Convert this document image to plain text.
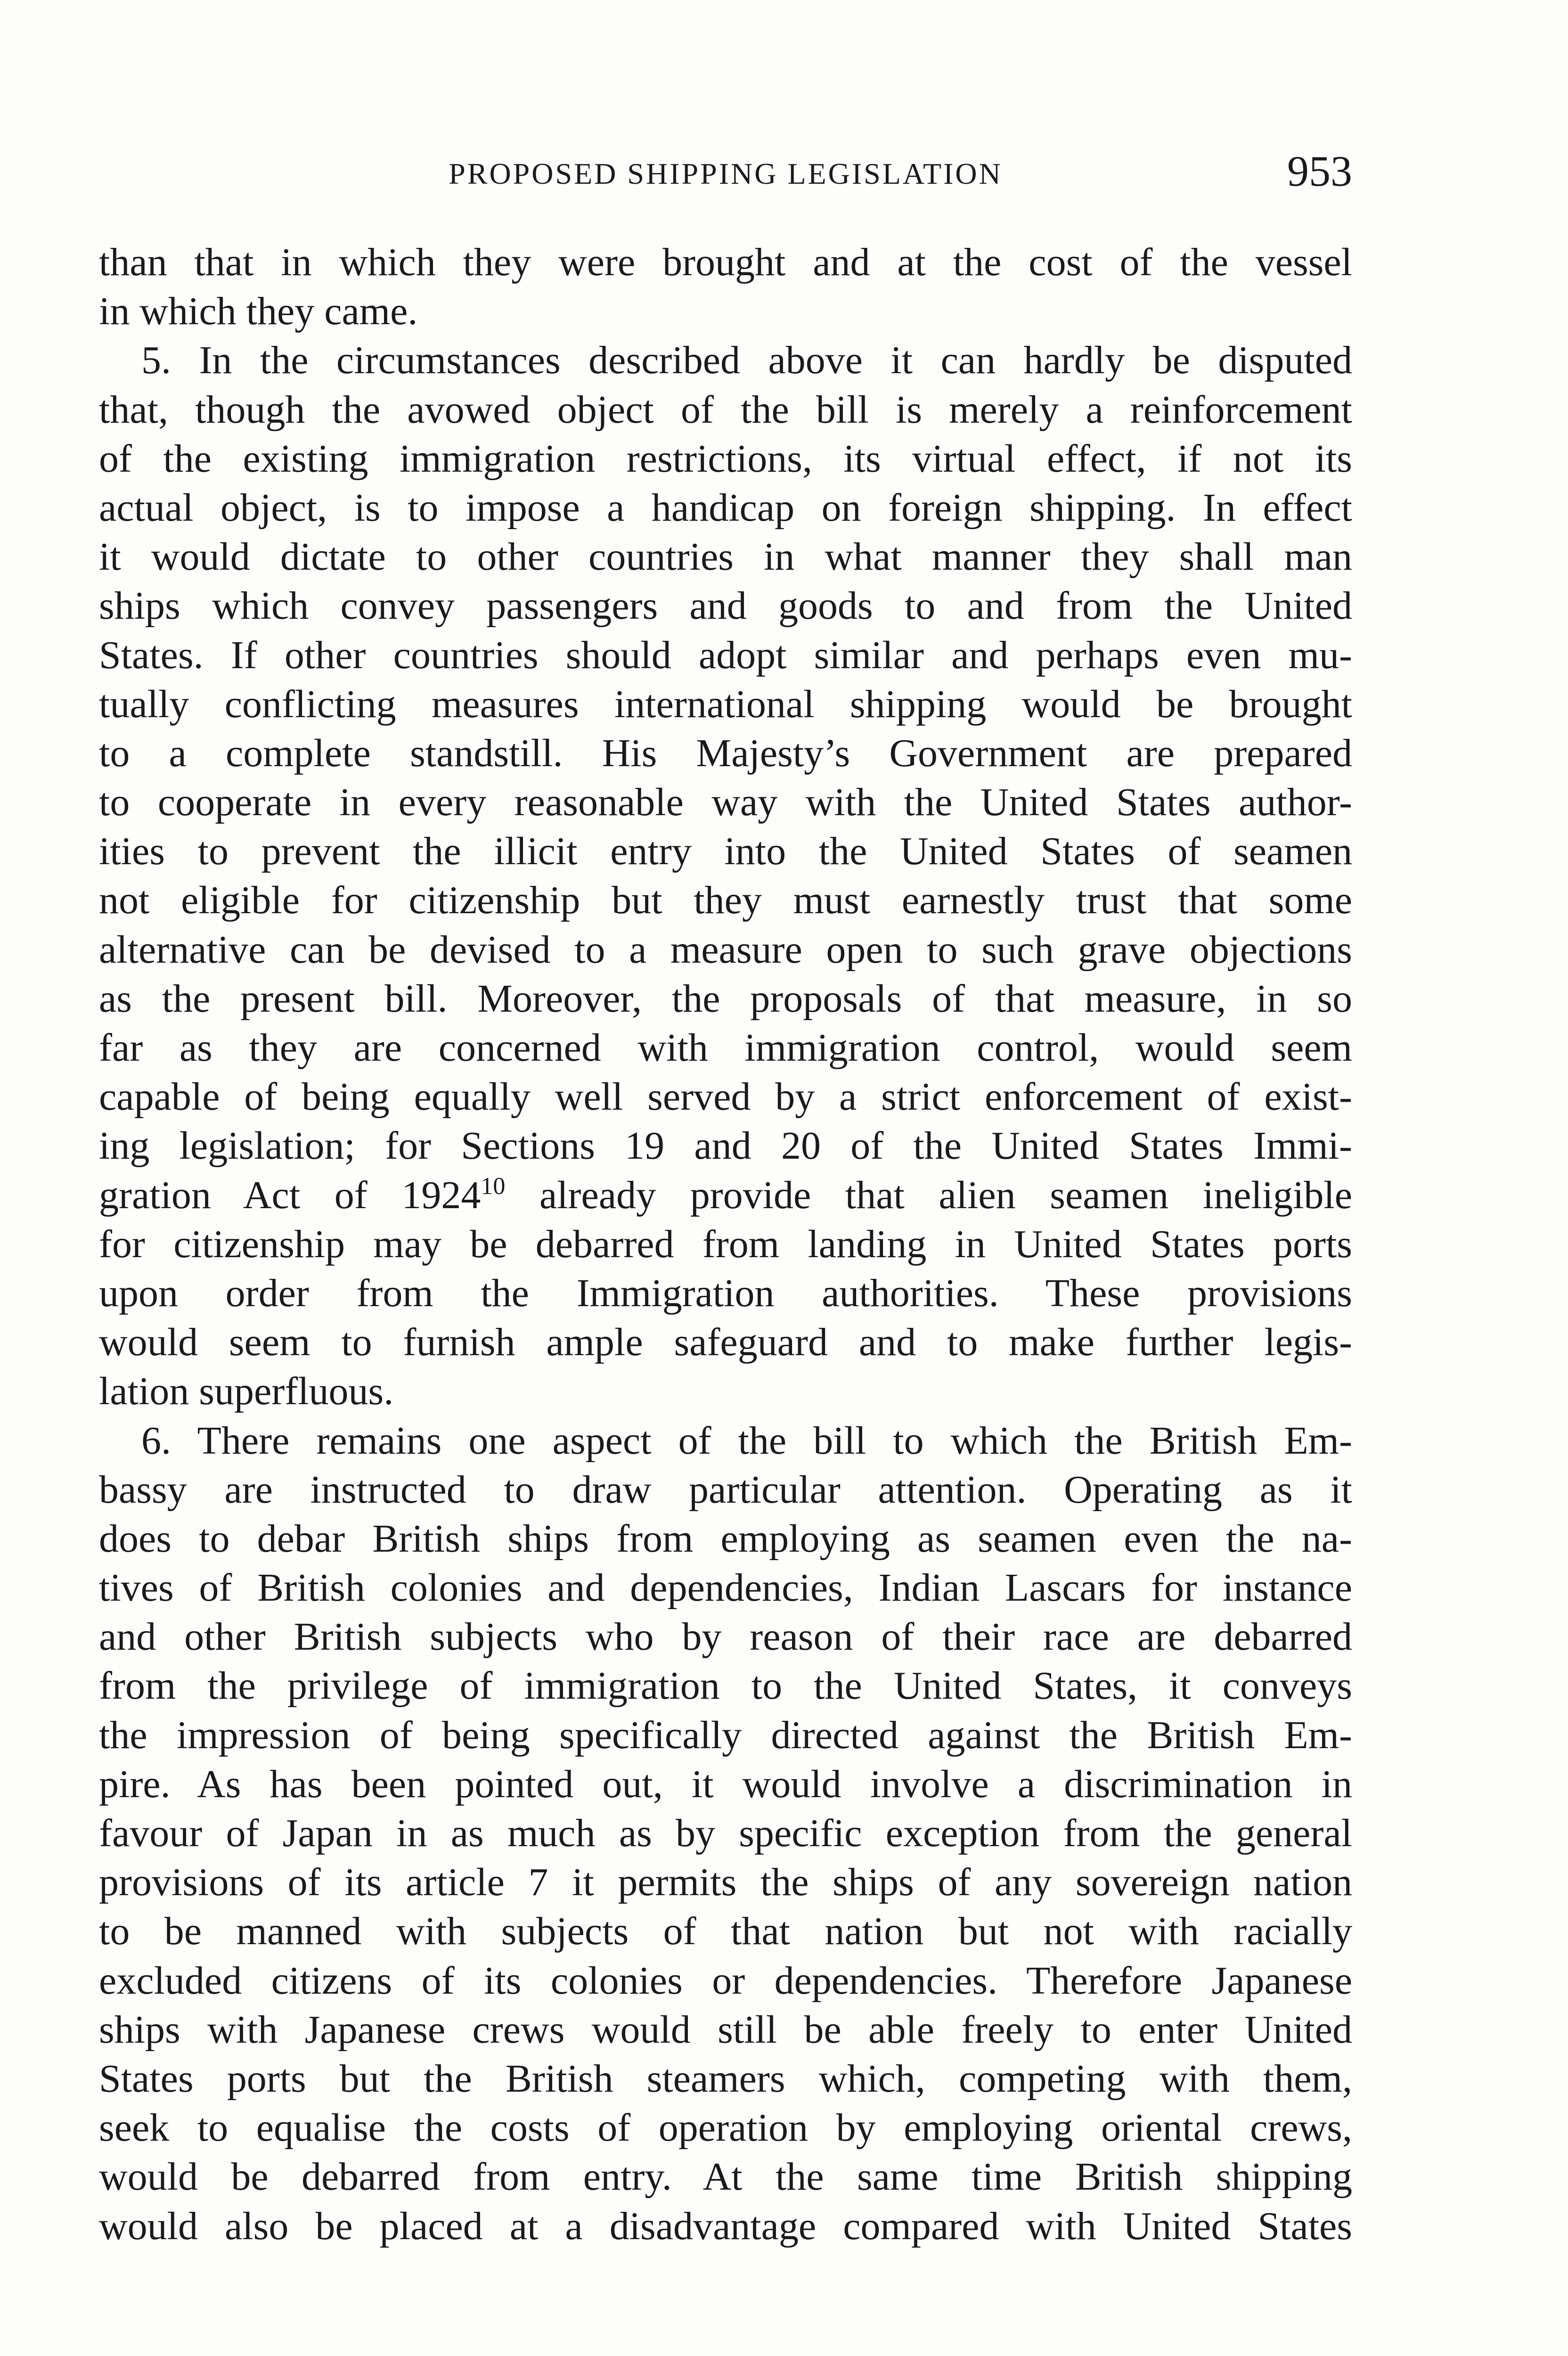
PROPOSED SHIPPING LEGISLATION	953
than that in which they were brought and at the cost of the vessel
in which they came.
5. In the circumstances described above it can hardly be disputed
that, though the avowed object of the bill is merely a reinforcement
of the existing immigration restrictions, its virtual effect, if not its
actual object, is to impose a handicap on foreign shipping. In effect
it would dictate to other countries in what manner they shall man
ships which convey passengers and goods to and from the United
States. If other countries should adopt similar and perhaps even mu-
tually conflicting measures international shipping would be brought
to a complete standstill. His Majesty’s Government are prepared
to cooperate in every reasonable way with the United States author-
ities to prevent the illicit entry into the United States of seamen
not eligible for citizenship but they must earnestly trust that some
alternative can be devised to a measure open to such grave objections
as the present bill. Moreover, the proposals of that measure, in so
far as they are concerned with immigration control, would seem
capable of being equally well served by a strict enforcement of exist-
ing legislation; for Sections 19 and 20 of the United States Immi-
gration Act of 1924$^{10}$ already provide that alien seamen ineligible
for citizenship may be debarred from landing in United States ports
upon order from the Immigration authorities. These provisions
would seem to furnish ample safeguard and to make further legis-
lation superfluous.
6. There remains one aspect of the bill to which the British Em-
bassy are instructed to draw particular attention. Operating as it
does to debar British ships from employing as seamen even the na-
tives of British colonies and dependencies, Indian Lascars for instance
and other British subjects who by reason of their race are debarred
from the privilege of immigration to the United States, it conveys
the impression of being specifically directed against the British Em-
pire. As has been pointed out, it would involve a discrimination in
favour of Japan in as much as by specific exception from the general
provisions of its article 7 it permits the ships of any sovereign nation
to be manned with subjects of that nation but not with racially
excluded citizens of its colonies or dependencies. Therefore Japanese
ships with Japanese crews would still be able freely to enter United
States ports but the British steamers which, competing with them,
seek to equalise the costs of operation by employing oriental crews,
would be debarred from entry. At the same time British shipping
would also be placed at a disadvantage compared with United States
